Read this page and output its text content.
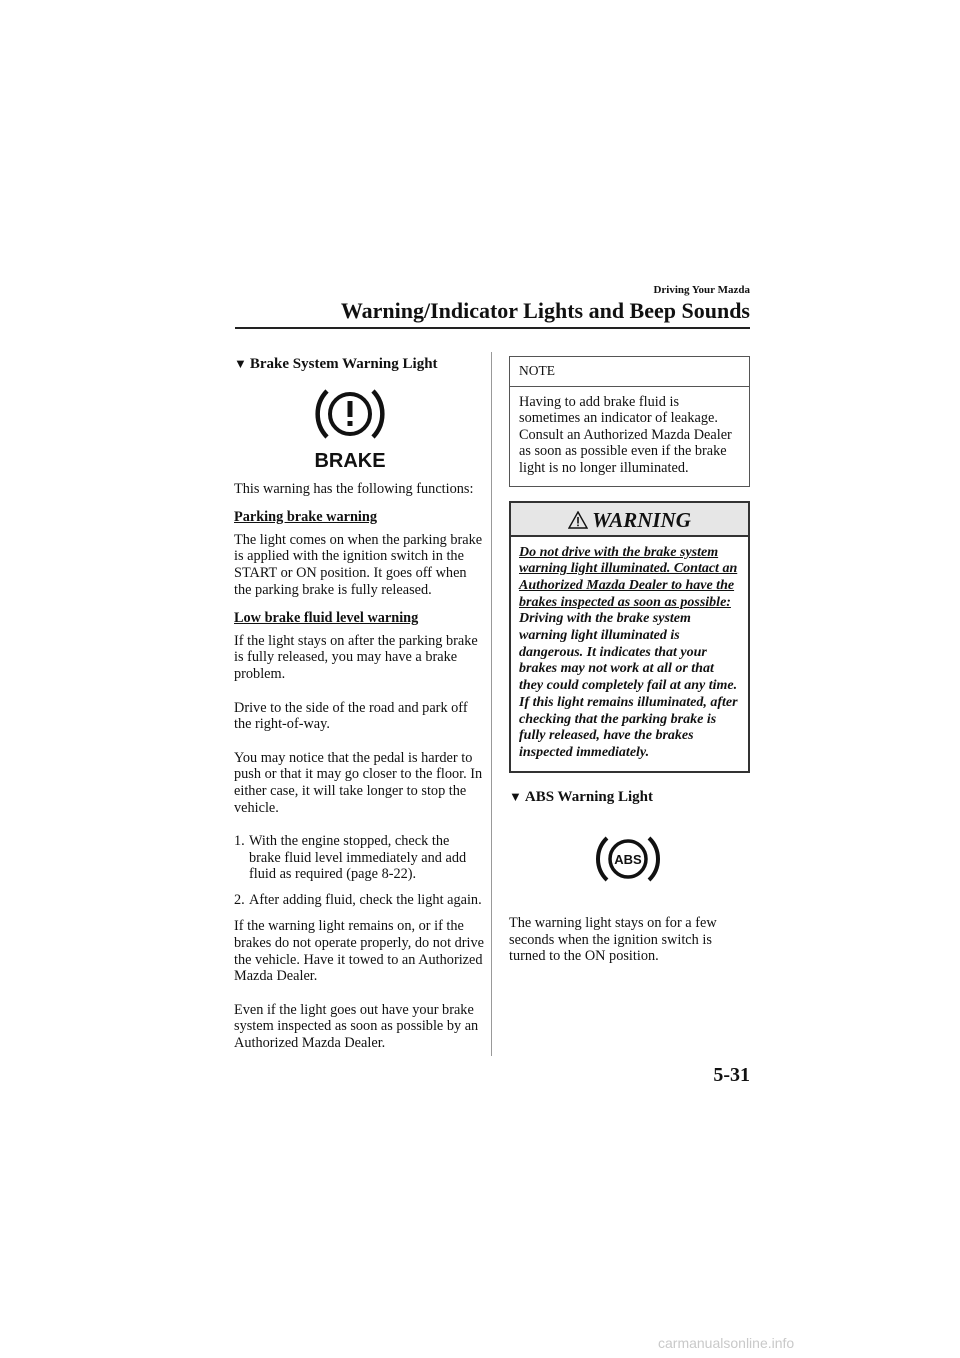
Driving Your Mazda
Warning/Indicator Lights and Beep Sounds
▼ Brake System Warning Light
BRAKE

This warning has the following functions:

Parking brake warning

The light comes on when the parking brake is applied with the ignition switch in the START or ON position. It goes off when the parking brake is fully released.

Low brake fluid level warning

If the light stays on after the parking brake is fully released, you may have a brake problem.

Drive to the side of the road and park off the right-of-way.

You may notice that the pedal is harder to push or that it may go closer to the floor. In either case, it will take longer to stop the vehicle.

1. With the engine stopped, check the brake fluid level immediately and add fluid as required (page 8-22).
2. After adding fluid, check the light again.

If the warning light remains on, or if the brakes do not operate properly, do not drive the vehicle. Have it towed to an Authorized Mazda Dealer.

Even if the light goes out have your brake system inspected as soon as possible by an Authorized Mazda Dealer.

NOTE
Having to add brake fluid is sometimes an indicator of leakage. Consult an Authorized Mazda Dealer as soon as possible even if the brake light is no longer illuminated.
WARNING
Do not drive with the brake system warning light illuminated. Contact an Authorized Mazda Dealer to have the brakes inspected as soon as possible: Driving with the brake system warning light illuminated is dangerous. It indicates that your brakes may not work at all or that they could completely fail at any time. If this light remains illuminated, after checking that the parking brake is fully released, have the brakes inspected immediately.
▼ ABS Warning Light
ABS

The warning light stays on for a few seconds when the ignition switch is turned to the ON position.

5-31
carmanualsonline.info
